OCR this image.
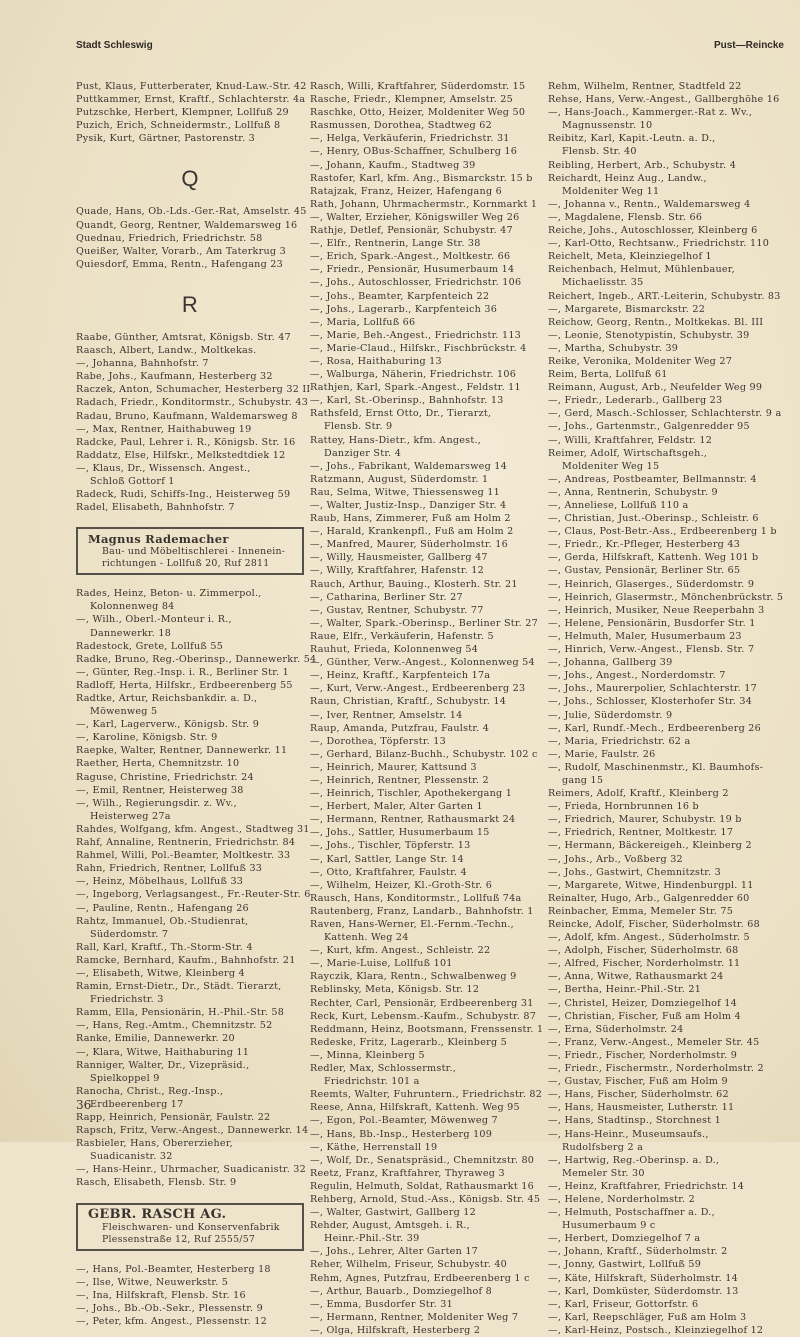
Stadt Schleswig	Pust—Reincke
Pust, Klaus, Futterberater, Knud-Law.-Str. 42
Puttkammer, Ernst, Kraftf., Schlachterstr. 4a
Putzschke, Herbert, Klempner, Lollfuß 29
Puzich, Erich, Schneidermstr., Lollfuß 8
Pysik, Kurt, Gärtner, Pastorenstr. 3
Q
Quade, Hans, Ob.-Lds.-Ger.-Rat, Amselstr. 45
Quandt, Georg, Rentner, Waldemarsweg 16
Quednau, Friedrich, Friedrichstr. 58
Queißer, Walter, Vorarb., Am Taterkrug 3
Quiesdorf, Emma, Rentn., Hafengang 23
R
Raabe, Günther, Amtsrat, Königsb. Str. 47
Raasch, Albert, Landw., Moltkekas.
—, Johanna, Bahnhofstr. 7
Rabe, Johs., Kaufmann, Hesterberg 32
Raczek, Anton, Schumacher, Hesterberg 32 II
Radach, Friedr., Konditormstr., Schubystr. 43
Radau, Bruno, Kaufmann, Waldemarsweg 8
—, Max, Rentner, Haithabuweg 19
Radcke, Paul, Lehrer i. R., Königsb. Str. 16
Raddatz, Else, Hilfskr., Melkstedtdiek 12
—, Klaus, Dr., Wissensch. Angest.,
Schloß Gottorf 1
Radeck, Rudi, Schiffs-Ing., Heisterweg 59
Radel, Elisabeth, Bahnhofstr. 7
Magnus Rademacher
Bau- und Möbeltischlerei - Innenein-
richtungen - Lollfuß 20, Ruf 2811
Rades, Heinz, Beton- u. Zimmerpol.,
Kolonnenweg 84
—, Wilh., Oberl.-Monteur i. R.,
Dannewerkr. 18
Radestock, Grete, Lollfuß 55
Radke, Bruno, Reg.-Oberinsp., Dannewerkr. 54
—, Günter, Reg.-Insp. i. R., Berliner Str. 1
Radloff, Herta, Hilfskr., Erdbeerenberg 55
Radtke, Artur, Reichsbankdir. a. D.,
Möwenweg 5
—, Karl, Lagerverw., Königsb. Str. 9
—, Karoline, Königsb. Str. 9
Raepke, Walter, Rentner, Dannewerkr. 11
Raether, Herta, Chemnitzstr. 10
Raguse, Christine, Friedrichstr. 24
—, Emil, Rentner, Heisterweg 38
—, Wilh., Regierungsdir. z. Wv.,
Heisterweg 27a
Rahdes, Wolfgang, kfm. Angest., Stadtweg 31
Rahf, Annaline, Rentnerin, Friedrichstr. 84
Rahmel, Willi, Pol.-Beamter, Moltkestr. 33
Rahn, Friedrich, Rentner, Lollfuß 33
—, Heinz, Möbelhaus, Lollfuß 33
—, Ingeborg, Verlagsangest., Fr.-Reuter-Str. 6
—, Pauline, Rentn., Hafengang 26
Rahtz, Immanuel, Ob.-Studienrat,
Süderdomstr. 7
Rall, Karl, Kraftf., Th.-Storm-Str. 4
Ramcke, Bernhard, Kaufm., Bahnhofstr. 21
—, Elisabeth, Witwe, Kleinberg 4
Ramin, Ernst-Dietr., Dr., Städt. Tierarzt,
Friedrichstr. 3
Ramm, Ella, Pensionärin, H.-Phil.-Str. 58
—, Hans, Reg.-Amtm., Chemnitzstr. 52
Ranke, Emilie, Dannewerkr. 20
—, Klara, Witwe, Haithaburing 11
Ranniger, Walter, Dr., Vizepräsid.,
Spielkoppel 9
Ranocha, Christ., Reg.-Insp.,
Erdbeerenberg 17
Rapp, Heinrich, Pensionär, Faulstr. 22
Rapsch, Fritz, Verw.-Angest., Dannewerkr. 14
Rasbieler, Hans, Obererzieher,
Suadicanistr. 32
—, Hans-Heinr., Uhrmacher, Suadicanistr. 32
Rasch, Elisabeth, Flensb. Str. 9
GEBR. RASCH AG.
Fleischwaren- und Konservenfabrik
Plessenstraße 12, Ruf 2555/57
—, Hans, Pol.-Beamter, Hesterberg 18
—, Ilse, Witwe, Neuwerkstr. 5
—, Ina, Hilfskraft, Flensb. Str. 16
—, Johs., Bb.-Ob.-Sekr., Plessenstr. 9
—, Peter, kfm. Angest., Plessenstr. 12
Rasch, Willi, Kraftfahrer, Süderdomstr. 15
Rasche, Friedr., Klempner, Amselstr. 25
Raschke, Otto, Heizer, Moldeniter Weg 50
Rasmussen, Dorothea, Stadtweg 62
—, Helga, Verkäuferin, Friedrichstr. 31
—, Henry, OBus-Schaffner, Schulberg 16
—, Johann, Kaufm., Stadtweg 39
Rastofer, Karl, kfm. Ang., Bismarckstr. 15 b
Ratajzak, Franz, Heizer, Hafengang 6
Rath, Johann, Uhrmachermstr., Kornmarkt 1
—, Walter, Erzieher, Königswiller Weg 26
Rathje, Detlef, Pensionär, Schubystr. 47
—, Elfr., Rentnerin, Lange Str. 38
—, Erich, Spark.-Angest., Moltkestr. 66
—, Friedr., Pensionär, Husumerbaum 14
—, Johs., Autoschlosser, Friedrichstr. 106
—, Johs., Beamter, Karpfenteich 22
—, Johs., Lagerarb., Karpfenteich 36
—, Maria, Lollfuß 66
—, Marie, Beh.-Angest., Friedrichstr. 113
—, Marie-Claud., Hilfskr., Fischbrückstr. 4
—, Rosa, Haithaburing 13
—, Walburga, Näherin, Friedrichstr. 106
Rathjen, Karl, Spark.-Angest., Feldstr. 11
—, Karl, St.-Oberinsp., Bahnhofstr. 13
Rathsfeld, Ernst Otto, Dr., Tierarzt,
Flensb. Str. 9
Rattey, Hans-Dietr., kfm. Angest.,
Danziger Str. 4
—, Johs., Fabrikant, Waldemarsweg 14
Ratzmann, August, Süderdomstr. 1
Rau, Selma, Witwe, Thiessensweg 11
—, Walter, Justiz-Insp., Danziger Str. 4
Raub, Hans, Zimmerer, Fuß am Holm 2
—, Harald, Krankenpfl., Fuß am Holm 2
—, Manfred, Maurer, Süderholmstr. 16
—, Willy, Hausmeister, Gallberg 47
—, Willy, Kraftfahrer, Hafenstr. 12
Rauch, Arthur, Bauing., Klosterh. Str. 21
—, Catharina, Berliner Str. 27
—, Gustav, Rentner, Schubystr. 77
—, Walter, Spark.-Oberinsp., Berliner Str. 27
Raue, Elfr., Verkäuferin, Hafenstr. 5
Rauhut, Frieda, Kolonnenweg 54
—, Günther, Verw.-Angest., Kolonnenweg 54
—, Heinz, Kraftf., Karpfenteich 17a
—, Kurt, Verw.-Angest., Erdbeerenberg 23
Raun, Christian, Kraftf., Schubystr. 14
—, Iver, Rentner, Amselstr. 14
Raup, Amanda, Putzfrau, Faulstr. 4
—, Dorothea, Töpferstr. 13
—, Gerhard, Bilanz-Buchh., Schubystr. 102 c
—, Heinrich, Maurer, Kattsund 3
—, Heinrich, Rentner, Plessenstr. 2
—, Heinrich, Tischler, Apothekergang 1
—, Herbert, Maler, Alter Garten 1
—, Hermann, Rentner, Rathausmarkt 24
—, Johs., Sattler, Husumerbaum 15
—, Johs., Tischler, Töpferstr. 13
—, Karl, Sattler, Lange Str. 14
—, Otto, Kraftfahrer, Faulstr. 4
—, Wilhelm, Heizer, Kl.-Groth-Str. 6
Rausch, Hans, Konditormstr., Lollfuß 74a
Rautenberg, Franz, Landarb., Bahnhofstr. 1
Raven, Hans-Werner, El.-Fernm.-Techn.,
Kattenh. Weg 24
—, Kurt, kfm. Angest., Schleistr. 22
—, Marie-Luise, Lollfuß 101
Rayczik, Klara, Rentn., Schwalbenweg 9
Reblinsky, Meta, Königsb. Str. 12
Rechter, Carl, Pensionär, Erdbeerenberg 31
Reck, Kurt, Lebensm.-Kaufm., Schubystr. 87
Reddmann, Heinz, Bootsmann, Frenssenstr. 1
Redeske, Fritz, Lagerarb., Kleinberg 5
—, Minna, Kleinberg 5
Redler, Max, Schlossermstr.,
Friedrichstr. 101 a
Reemts, Walter, Fuhruntern., Friedrichstr. 82
Reese, Anna, Hilfskraft, Kattenh. Weg 95
—, Egon, Pol.-Beamter, Möwenweg 7
—, Hans, Bb.-Insp., Hesterberg 109
—, Käthe, Herrenstall 19
—, Wolf, Dr., Senatspräsid., Chemnitzstr. 80
Reetz, Franz, Kraftfahrer, Thyraweg 3
Regulin, Helmuth, Soldat, Rathausmarkt 16
Rehberg, Arnold, Stud.-Ass., Königsb. Str. 45
—, Walter, Gastwirt, Gallberg 12
Rehder, August, Amtsgeh. i. R.,
Heinr.-Phil.-Str. 39
—, Johs., Lehrer, Alter Garten 17
Reher, Wilhelm, Friseur, Schubystr. 40
Rehm, Agnes, Putzfrau, Erdbeerenberg 1 c
—, Arthur, Bauarb., Domziegelhof 8
—, Emma, Busdorfer Str. 31
—, Hermann, Rentner, Moldeniter Weg 7
—, Olga, Hilfskraft, Hesterberg 2
Rehm, Wilhelm, Rentner, Stadtfeld 22
Rehse, Hans, Verw.-Angest., Gallberghöhe 16
—, Hans-Joach., Kammerger.-Rat z. Wv.,
Magnussenstr. 10
Reibitz, Karl, Kapit.-Leutn. a. D.,
Flensb. Str. 40
Reibling, Herbert, Arb., Schubystr. 4
Reichardt, Heinz Aug., Landw.,
Moldeniter Weg 11
—, Johanna v., Rentn., Waldemarsweg 4
—, Magdalene, Flensb. Str. 66
Reiche, Johs., Autoschlosser, Kleinberg 6
—, Karl-Otto, Rechtsanw., Friedrichstr. 110
Reichelt, Meta, Kleinziegelhof 1
Reichenbach, Helmut, Mühlenbauer,
Michaelisstr. 35
Reichert, Ingeb., ART.-Leiterin, Schubystr. 83
—, Margarete, Bismarckstr. 22
Reichow, Georg, Rentn., Moltkekas. Bl. III
—, Leonie, Stenotypistin, Schubystr. 39
—, Martha, Schubystr. 39
Reike, Veronika, Moldeniter Weg 27
Reim, Berta, Lollfuß 61
Reimann, August, Arb., Neufelder Weg 99
—, Friedr., Lederarb., Gallberg 23
—, Gerd, Masch.-Schlosser, Schlachterstr. 9 a
—, Johs., Gartenmstr., Galgenredder 95
—, Willi, Kraftfahrer, Feldstr. 12
Reimer, Adolf, Wirtschaftsgeh.,
Moldeniter Weg 15
—, Andreas, Postbeamter, Bellmannstr. 4
—, Anna, Rentnerin, Schubystr. 9
—, Anneliese, Lollfuß 110 a
—, Christian, Just.-Oberinsp., Schleistr. 6
—, Claus, Post-Betr.-Ass., Erdbeerenberg 1 b
—, Friedr., Kr.-Pfleger, Hesterberg 43
—, Gerda, Hilfskraft, Kattenh. Weg 101 b
—, Gustav, Pensionär, Berliner Str. 65
—, Heinrich, Glaserges., Süderdomstr. 9
—, Heinrich, Glasermstr., Mönchenbrückstr. 5
—, Heinrich, Musiker, Neue Reeperbahn 3
—, Helene, Pensionärin, Busdorfer Str. 1
—, Helmuth, Maler, Husumerbaum 23
—, Hinrich, Verw.-Angest., Flensb. Str. 7
—, Johanna, Gallberg 39
—, Johs., Angest., Norderdomstr. 7
—, Johs., Maurerpolier, Schlachterstr. 17
—, Johs., Schlosser, Klosterhofer Str. 34
—, Julie, Süderdomstr. 9
—, Karl, Rundf.-Mech., Erdbeerenberg 26
—, Maria, Friedrichstr. 62 a
—, Marie, Faulstr. 26
—, Rudolf, Maschinenmstr., Kl. Baumhofs-
gang 15
Reimers, Adolf, Kraftf., Kleinberg 2
—, Frieda, Hornbrunnen 16 b
—, Friedrich, Maurer, Schubystr. 19 b
—, Friedrich, Rentner, Moltkestr. 17
—, Hermann, Bäckereigeh., Kleinberg 2
—, Johs., Arb., Voßberg 32
—, Johs., Gastwirt, Chemnitzstr. 3
—, Margarete, Witwe, Hindenburgpl. 11
Reinalter, Hugo, Arb., Galgenredder 60
Reinbacher, Emma, Memeler Str. 75
Reincke, Adolf, Fischer, Süderholmstr. 68
—, Adolf, kfm. Angest., Süderholmstr. 5
—, Adolph, Fischer, Süderholmstr. 68
—, Alfred, Fischer, Norderholmstr. 11
—, Anna, Witwe, Rathausmarkt 24
—, Bertha, Heinr.-Phil.-Str. 21
—, Christel, Heizer, Domziegelhof 14
—, Christian, Fischer, Fuß am Holm 4
—, Erna, Süderholmstr. 24
—, Franz, Verw.-Angest., Memeler Str. 45
—, Friedr., Fischer, Norderholmstr. 9
—, Friedr., Fischermstr., Norderholmstr. 2
—, Gustav, Fischer, Fuß am Holm 9
—, Hans, Fischer, Süderholmstr. 62
—, Hans, Hausmeister, Lutherstr. 11
—, Hans, Stadtinsp., Storchnest 1
—, Hans-Heinr., Museumsaufs.,
Rudolfsberg 2 a
—, Hartwig, Reg.-Oberinsp. a. D.,
Memeler Str. 30
—, Heinz, Kraftfahrer, Friedrichstr. 14
—, Helene, Norderholmstr. 2
—, Helmuth, Postschaffner a. D.,
Husumerbaum 9 c
—, Herbert, Domziegelhof 7 a
—, Johann, Kraftf., Süderholmstr. 2
—, Jonny, Gastwirt, Lollfuß 59
—, Käte, Hilfskraft, Süderholmstr. 14
—, Karl, Domküster, Süderdomstr. 13
—, Karl, Friseur, Gottorfstr. 6
—, Karl, Reepschläger, Fuß am Holm 3
—, Karl-Heinz, Postsch., Kleinziegelhof 12
36
